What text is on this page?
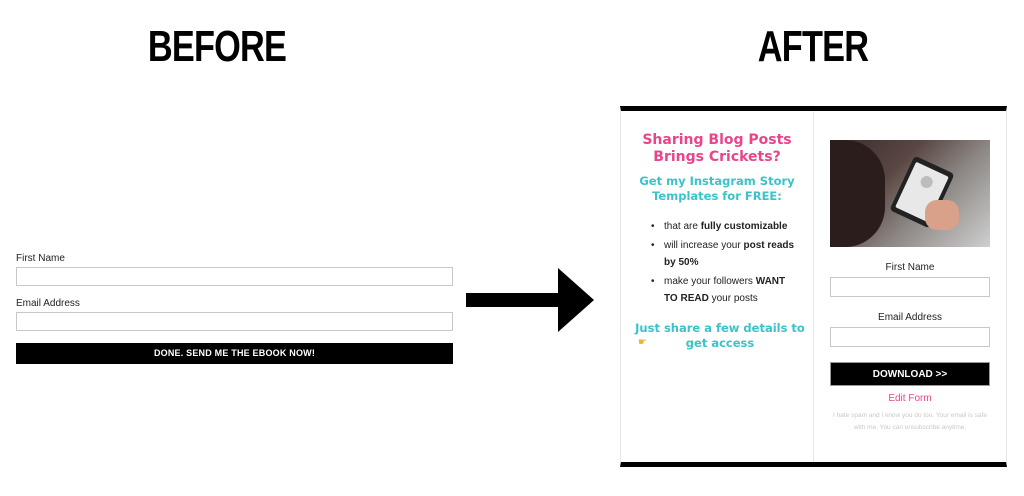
BEFORE
First Name
Email Address
DONE. SEND ME THE EBOOK NOW!
AFTER
Sharing Blog Posts
Brings Crickets?
Get my Instagram Story
Templates for FREE:
• that are fully customizable
• will increase your post reads by 50%
• make your followers WANT TO READ your posts
Just share a few details to
get access
☛
First Name
Email Address
DOWNLOAD >>
Edit Form
I hate spam and I know you do too. Your email is safe with me. You can unsubscribe anytime.
